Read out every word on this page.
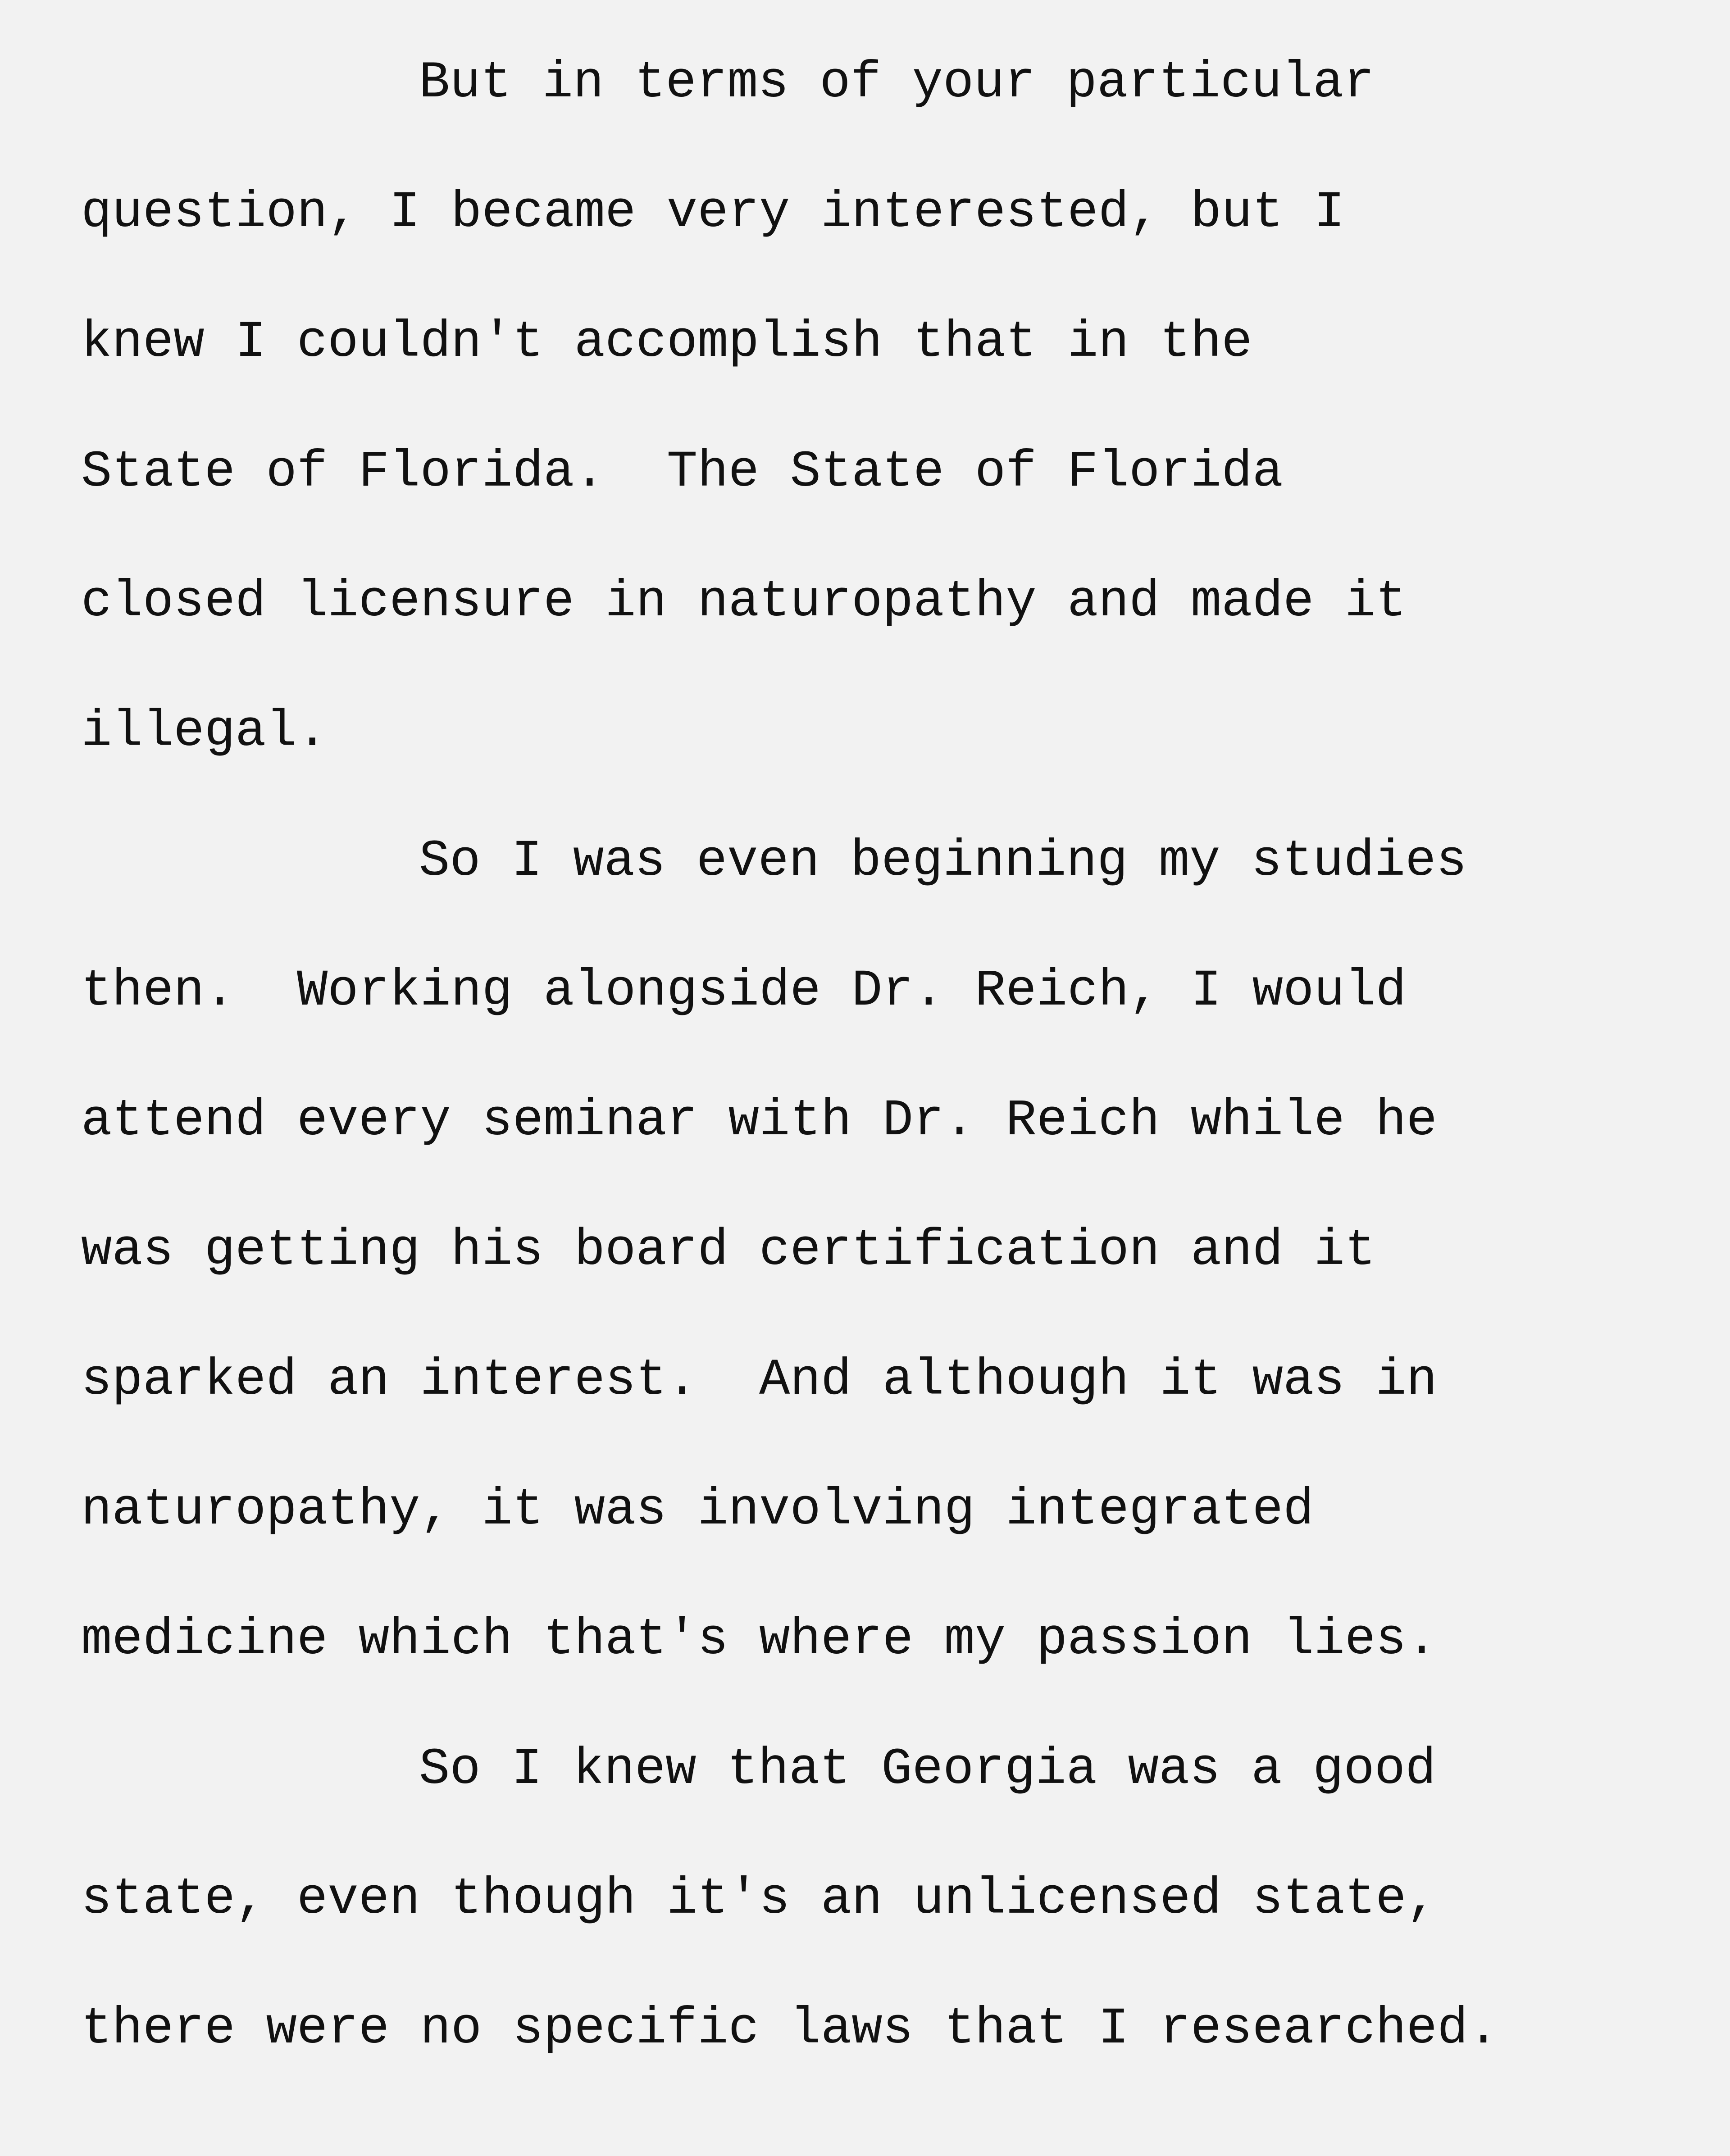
But in terms of your particular
question, I became very interested, but I
knew I couldn't accomplish that in the
State of Florida.  The State of Florida
closed licensure in naturopathy and made it
illegal.
So I was even beginning my studies
then.  Working alongside Dr. Reich, I would
attend every seminar with Dr. Reich while he
was getting his board certification and it
sparked an interest.  And although it was in
naturopathy, it was involving integrated
medicine which that's where my passion lies.
So I knew that Georgia was a good
state, even though it's an unlicensed state,
there were no specific laws that I researched.
